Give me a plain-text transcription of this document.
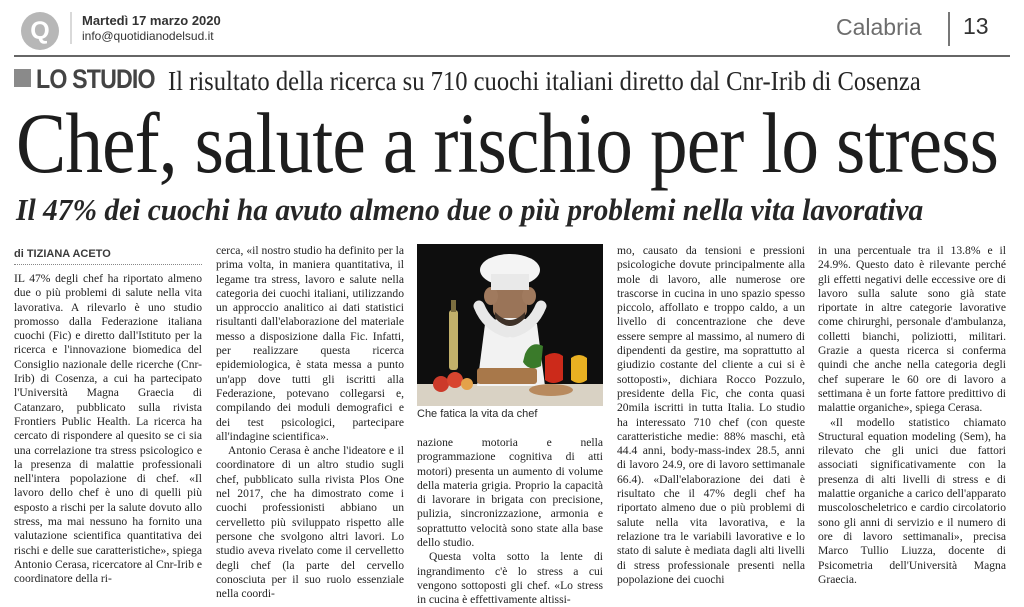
Q Martedì 17 marzo 2020
info@quotidianodelsud.it	Calabria 13
LO STUDIO Il risultato della ricerca su 710 cuochi italiani diretto dal Cnr-Irib di Cosenza
Chef, salute a rischio per lo stress
Il 47% dei cuochi ha avuto almeno due o più problemi nella vita lavorativa
di TIZIANA ACETO

IL 47% degli chef ha riportato almeno due o più problemi di salute nella vita lavorativa. A rilevarlo è uno studio promosso dalla Federazione italiana cuochi (Fic) e diretto dall'Istituto per la ricerca e l'innovazione biomedica del Consiglio nazionale delle ricerche (Cnr-Irib) di Cosenza, a cui ha partecipato l'Università Magna Graecia di Catanzaro, pubblicato sulla rivista Frontiers Public Health. La ricerca ha cercato di rispondere al quesito se ci sia una correlazione tra stress psicologico e la presenza di malattie professionali nell'intera popolazione di chef. «Il lavoro dello chef è uno di quelli più esposto a rischi per la salute dovuto allo stress, ma mai nessuno ha fornito una valutazione scientifica quantitativa dei rischi e delle sue caratteristiche», spiega Antonio Cerasa, ricercatore al Cnr-Irib e coordinatore della ri-

cerca, «il nostro studio ha definito per la prima volta, in maniera quantitativa, il legame tra stress, lavoro e salute nella categoria dei cuochi italiani, utilizzando un approccio analitico ai dati statistici risultanti dall'elaborazione del materiale messo a disposizione dalla Fic. Infatti, per realizzare questa ricerca epidemiologica, è stata messa a punto un'app dove tutti gli iscritti alla Federazione, potevano collegarsi e, compilando dei moduli demografici e dei test psicologici, partecipare all'indagine scientifica».

Antonio Cerasa è anche l'ideatore e il coordinatore di un altro studio sugli chef, pubblicato sulla rivista Plos One nel 2017, che ha dimostrato come i cuochi professionisti abbiano un cervelletto più sviluppato rispetto alle persone che svolgono altri lavori. Lo studio aveva rivelato come il cervelletto degli chef (la parte del cervello conosciuta per il suo ruolo essenziale nella coordi-

Che fatica la vita da chef

nazione motoria e nella programmazione cognitiva di atti motori) presenta un aumento di volume della materia grigia. Proprio la capacità di lavorare in brigata con precisione, pulizia, sincronizzazione, armonia e soprattutto velocità sono state alla base dello studio.

Questa volta sotto la lente di ingrandimento c'è lo stress a cui vengono sottoposti gli chef. «Lo stress in cucina è effettivamente altissi-

mo, causato da tensioni e pressioni psicologiche dovute principalmente alla mole di lavoro, alle numerose ore trascorse in cucina in uno spazio spesso piccolo, affollato e troppo caldo, a un livello di concentrazione che deve essere sempre al massimo, al numero di dipendenti da gestire, ma soprattutto al giudizio costante del cliente a cui si è sottoposti», dichiara Rocco Pozzulo, presidente della Fic, che conta quasi 20mila iscritti in tutta Italia. Lo studio ha interessato 710 chef (con queste caratteristiche medie: 88% maschi, età 44.4 anni, body-mass-index 28.5, anni di lavoro 24.9, ore di lavoro settimanale 66.4). «Dall'elaborazione dei dati è risultato che il 47% degli chef ha riportato almeno due o più problemi di salute nella vita lavorativa, e la relazione tra le variabili lavorative e lo stato di salute è mediata dagli alti livelli di stress professionale presenti nella popolazione dei cuochi

in una percentuale tra il 13.8% e il 24.9%. Questo dato è rilevante perché gli effetti negativi delle eccessive ore di lavoro sulla salute sono già state riportate in altre categorie lavorative come chirurghi, personale d'ambulanza, colletti bianchi, poliziotti, militari. Grazie a questa ricerca si conferma quindi che anche nella categoria degli chef superare le 60 ore di lavoro a settimana è un forte fattore predittivo di malattie organiche», spiega Cerasa.

«Il modello statistico chiamato Structural equation modeling (Sem), ha rilevato che gli unici due fattori associati significativamente con la presenza di alti livelli di stress e di malattie organiche a carico dell'apparato muscoloscheletrico e cardio circolatorio sono gli anni di servizio e il numero di ore di lavoro settimanali», precisa Marco Tullio Liuzza, docente di Psicometria dell'Università Magna Graecia.
